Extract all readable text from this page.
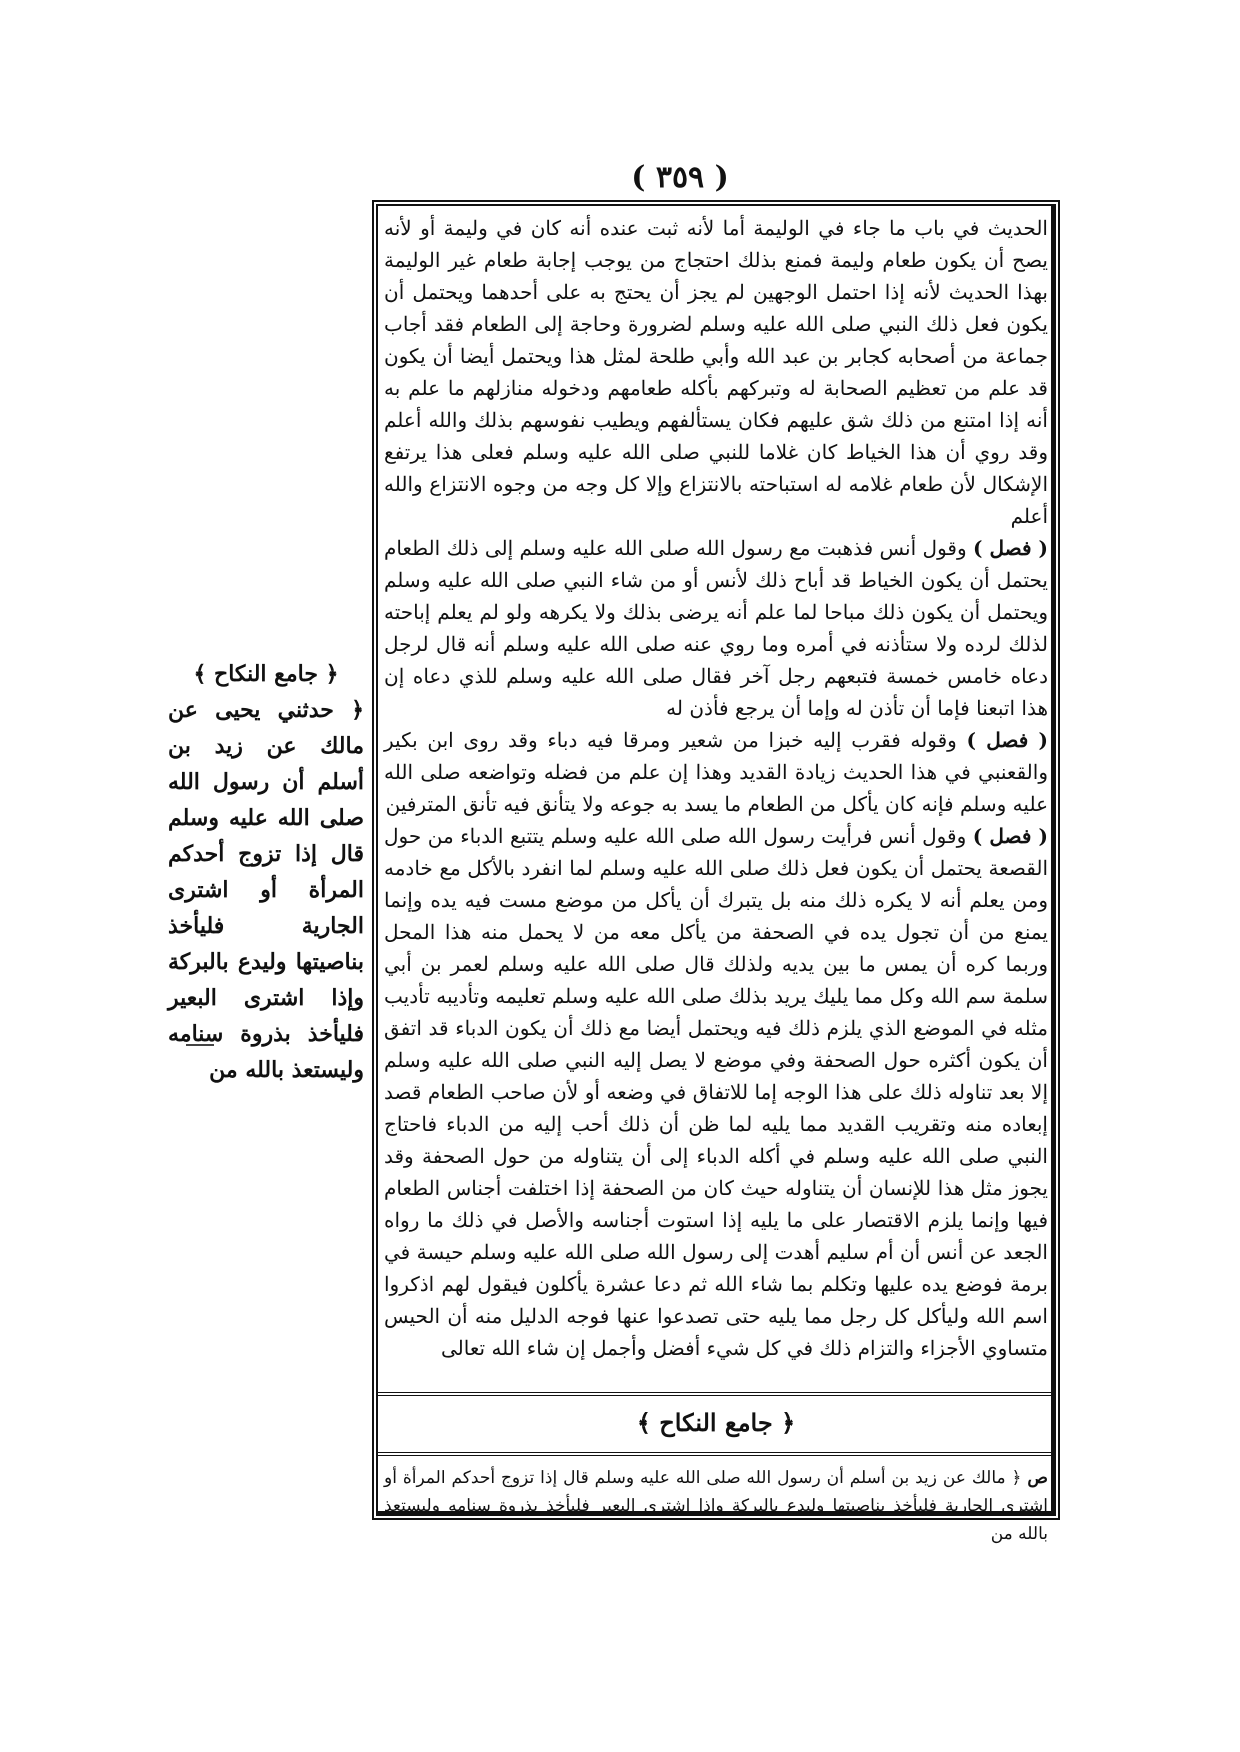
( ٣٥٩ )

الحديث في باب ما جاء في الوليمة أما لأنه ثبت عنده أنه كان في وليمة أو لأنه يصح أن يكون طعام وليمة فمنع بذلك احتجاج من يوجب إجابة طعام غير الوليمة بهذا الحديث لأنه إذا احتمل الوجهين لم يجز أن يحتج به على أحدهما ويحتمل أن يكون فعل ذلك النبي صلى الله عليه وسلم لضرورة وحاجة إلى الطعام فقد أجاب جماعة من أصحابه كجابر بن عبد الله وأبي طلحة لمثل هذا ويحتمل أيضا أن يكون قد علم من تعظيم الصحابة له وتبركهم بأكله طعامهم ودخوله منازلهم ما علم به أنه إذا امتنع من ذلك شق عليهم فكان يستألفهم ويطيب نفوسهم بذلك والله أعلم وقد روي أن هذا الخياط كان غلاما للنبي صلى الله عليه وسلم فعلى هذا يرتفع الإشكال لأن طعام غلامه له استباحته بالانتزاع وإلا كل وجه من وجوه الانتزاع والله أعلم

( فصل ) وقول أنس فذهبت مع رسول الله صلى الله عليه وسلم إلى ذلك الطعام يحتمل أن يكون الخياط قد أباح ذلك لأنس أو من شاء النبي صلى الله عليه وسلم ويحتمل أن يكون ذلك مباحا لما علم أنه يرضى بذلك ولا يكرهه ولو لم يعلم إباحته لذلك لرده ولا ستأذنه في أمره وما روي عنه صلى الله عليه وسلم أنه قال لرجل دعاه خامس خمسة فتبعهم رجل آخر فقال صلى الله عليه وسلم للذي دعاه إن هذا اتبعنا فإما أن تأذن له وإما أن يرجع فأذن له

( فصل ) وقوله فقرب إليه خبزا من شعير ومرقا فيه دباء وقد روى ابن بكير والقعنبي في هذا الحديث زيادة القديد وهذا إن علم من فضله وتواضعه صلى الله عليه وسلم فإنه كان يأكل من الطعام ما يسد به جوعه ولا يتأنق فيه تأنق المترفين

( فصل ) وقول أنس فرأيت رسول الله صلى الله عليه وسلم يتتبع الدباء من حول القصعة يحتمل أن يكون فعل ذلك صلى الله عليه وسلم لما انفرد بالأكل مع خادمه ومن يعلم أنه لا يكره ذلك منه بل يتبرك أن يأكل من موضع مست فيه يده وإنما يمنع من أن تجول يده في الصحفة من يأكل معه من لا يحمل منه هذا المحل وربما كره أن يمس ما بين يديه ولذلك قال صلى الله عليه وسلم لعمر بن أبي سلمة سم الله وكل مما يليك يريد بذلك صلى الله عليه وسلم تعليمه وتأديبه تأديب مثله في الموضع الذي يلزم ذلك فيه ويحتمل أيضا مع ذلك أن يكون الدباء قد اتفق أن يكون أكثره حول الصحفة وفي موضع لا يصل إليه النبي صلى الله عليه وسلم إلا بعد تناوله ذلك على هذا الوجه إما للاتفاق في وضعه أو لأن صاحب الطعام قصد إبعاده منه وتقريب القديد مما يليه لما ظن أن ذلك أحب إليه من الدباء فاحتاج النبي صلى الله عليه وسلم في أكله الدباء إلى أن يتناوله من حول الصحفة وقد يجوز مثل هذا للإنسان أن يتناوله حيث كان من الصحفة إذا اختلفت أجناس الطعام فيها وإنما يلزم الاقتصار على ما يليه إذا استوت أجناسه والأصل في ذلك ما رواه الجعد عن أنس أن أم سليم أهدت إلى رسول الله صلى الله عليه وسلم حيسة في برمة فوضع يده عليها وتكلم بما شاء الله ثم دعا عشرة يأكلون فيقول لهم اذكروا اسم الله وليأكل كل رجل مما يليه حتى تصدعوا عنها فوجه الدليل منه أن الحيس متساوي الأجزاء والتزام ذلك في كل شيء أفضل وأجمل إن شاء الله تعالى

﴿ جامع النكاح ﴾

ص ﴿ مالك عن زيد بن أسلم أن رسول الله صلى الله عليه وسلم قال إذا تزوج أحدكم المرأة أو اشترى الجارية فليأخذ بناصيتها وليدع بالبركة وإذا اشترى البعير فليأخذ بذروة سنامه وليستعذ بالله من

﴿ جامع النكاح ﴾

﴿ حدثني يحيى عن مالك عن زيد بن أسلم أن رسول الله صلى الله عليه وسلم قال إذا تزوج أحدكم المرأة أو اشترى الجارية فليأخذ بناصيتها وليدع بالبركة وإذا اشترى البعير فليأخذ بذروة سنامه وليستعذ بالله من
